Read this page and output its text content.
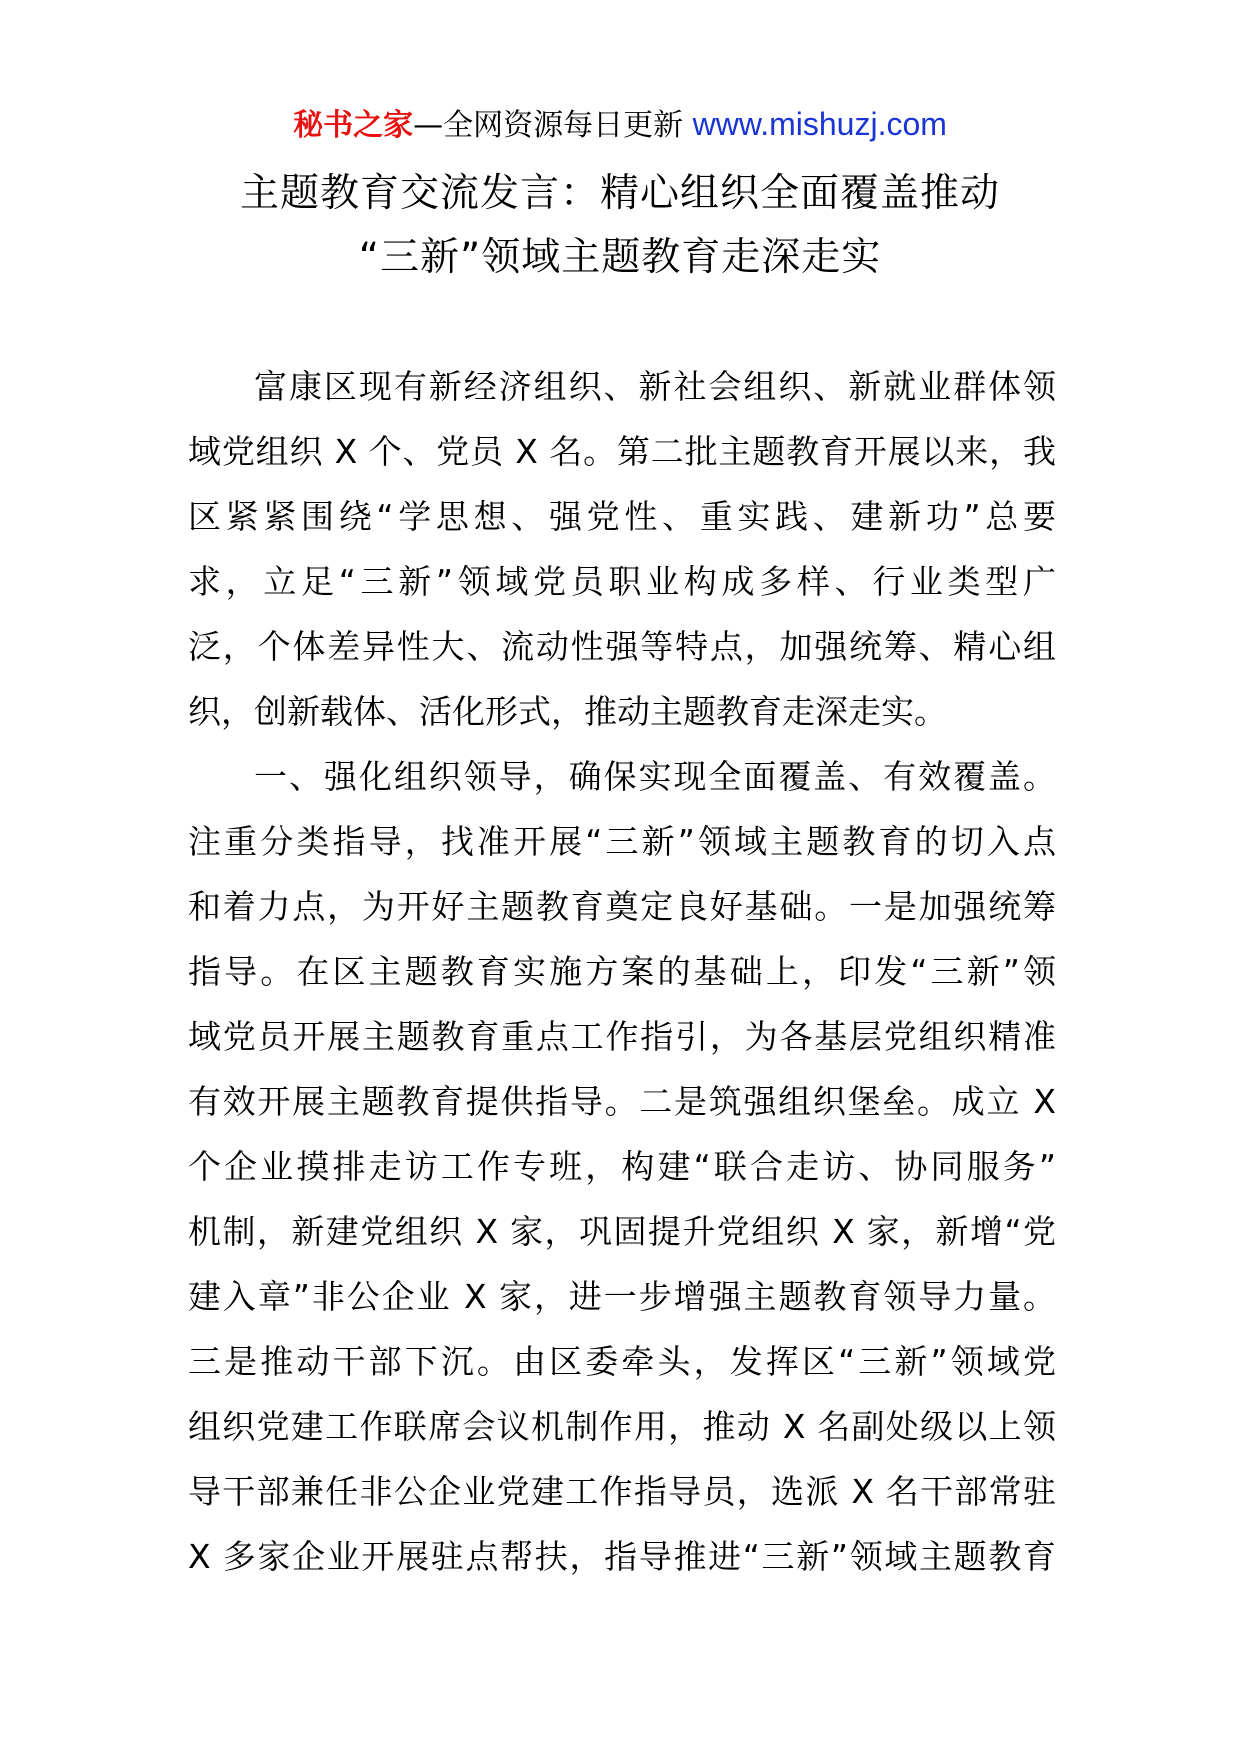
秘书之家—全网资源每日更新 www.mishuzj.com
主题教育交流发言：精心组织全面覆盖推动
“三新”领域主题教育走深走实
富康区现有新经济组织、新社会组织、新就业群体领
域党组织 X 个、党员 X 名。第二批主题教育开展以来，我
区紧紧围绕“学思想、强党性、重实践、建新功”总要
求，立足“三新”领域党员职业构成多样、行业类型广
泛，个体差异性大、流动性强等特点，加强统筹、精心组
织，创新载体、活化形式，推动主题教育走深走实。
一、强化组织领导，确保实现全面覆盖、有效覆盖。
注重分类指导，找准开展“三新”领域主题教育的切入点
和着力点，为开好主题教育奠定良好基础。一是加强统筹
指导。在区主题教育实施方案的基础上，印发“三新”领
域党员开展主题教育重点工作指引，为各基层党组织精准
有效开展主题教育提供指导。二是筑强组织堡垒。成立 X
个企业摸排走访工作专班，构建“联合走访、协同服务”
机制，新建党组织 X 家，巩固提升党组织 X 家，新增“党
建入章”非公企业 X 家，进一步增强主题教育领导力量。
三是推动干部下沉。由区委牵头，发挥区“三新”领域党
组织党建工作联席会议机制作用，推动 X 名副处级以上领
导干部兼任非公企业党建工作指导员，选派 X 名干部常驻
X 多家企业开展驻点帮扶，指导推进“三新”领域主题教育
